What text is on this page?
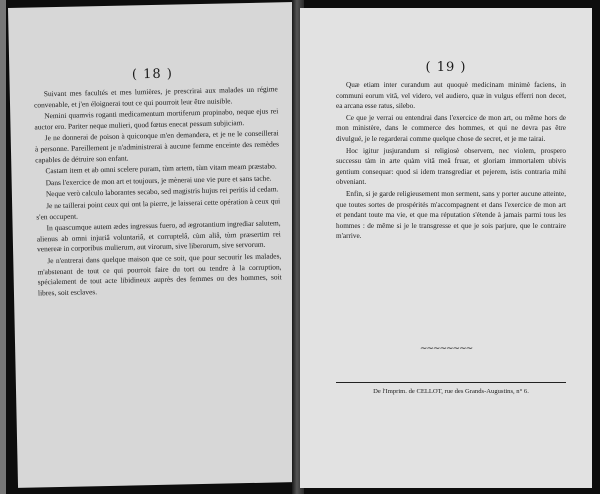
( 18 )

Suivant mes facultés et mes lumières, je prescrirai aux malades un régime convenable, et j'en éloignerai tout ce qui pourroit leur être nuisible.

Nemini quamvis roganti medicamentum mortiferum propinabo, neque ejus rei auctor ero. Pariter neque mulieri, quod fœtus enecat pessum subjiciam.

Je ne donnerai de poison à quiconque m'en demandera, et je ne le conseillerai à personne. Pareillement je n'administrerai à aucune femme enceinte des remèdes capables de détruire son enfant.

Castam item et ab omni scelere puram, tùm artem, tùm vitam meam præstabo.

Dans l'exercice de mon art et toujours, je mènerai une vie pure et sans tache.

Neque verò calculo laborantes secabo, sed magistris hujus rei peritis id cedam.

Je ne taillerai point ceux qui ont la pierre, je laisserai cette opération à ceux qui s'en occupent.

In quascumque autem ædes ingressus fuero, ad ægrotantium ingrediar salutem, alienus ab omni injuriâ voluntariâ, et corruptelâ, cùm aliâ, tùm præsertim rei venereæ in corporibus mulierum, aut virorum, sive liberorum, sive servorum.

Je n'entrerai dans quelque maison que ce soit, que pour secourir les malades, m'abstenant de tout ce qui pourroit faire du tort ou tendre à la corruption, spécialement de tout acte libidineux auprès des femmes ou des hommes, soit libres, soit esclaves.

( 19 )

Quæ etiam inter curandum aut quoquè medicinam minimè faciens, in communi eorum vitâ, vel videro, vel audiero, quæ in vulgus efferri non decet, ea arcana esse ratus, silebo.

Ce que je verrai ou entendrai dans l'exercice de mon art, ou même hors de mon ministère, dans le commerce des hommes, et qui ne devra pas être divulgué, je le regarderai comme quelque chose de secret, et je me tairai.

Hoc igitur jusjurandum si religiosè observem, nec violem, prospero successu tàm in arte quàm vitâ meâ fruar, et gloriam immortalem ubivis gentium consequar: quod si idem transgrediar et pejerem, istis contraria mihi obveniant.

Enfin, si je garde religieusement mon serment, sans y porter aucune atteinte, que toutes sortes de prospérités m'accompagnent et dans l'exercice de mon art et pendant toute ma vie, et que ma réputation s'étende à jamais parmi tous les hommes : de même si je le transgresse et que je sois parjure, que le contraire m'arrive.

~~~~~~~~
De l'Imprim. de CELLOT, rue des Grands-Augustins, n° 6.
